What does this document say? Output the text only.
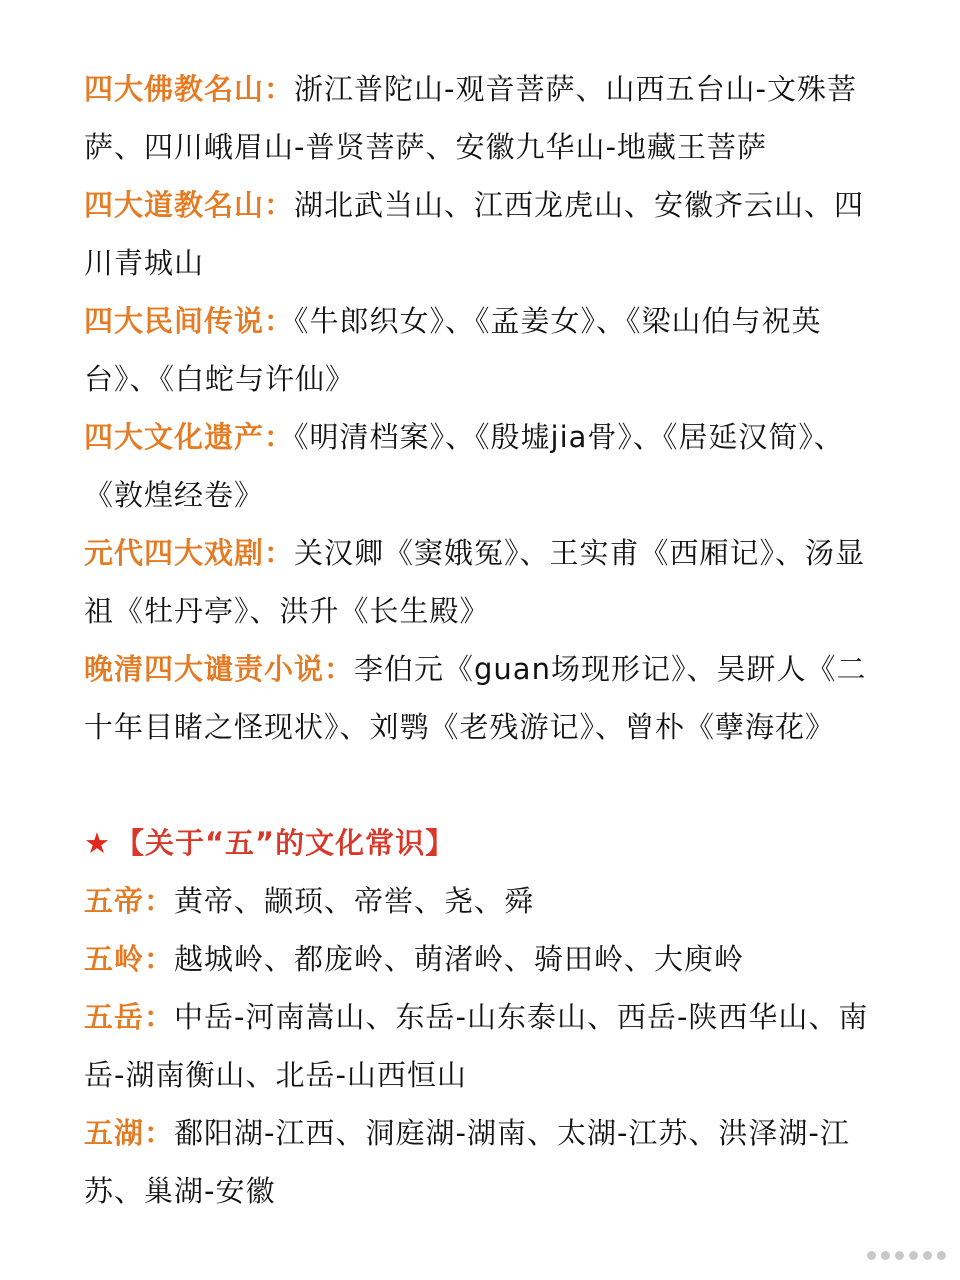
四大佛教名山：浙江普陀山-观音菩萨、山西五台山-文殊菩萨、四川峨眉山-普贤菩萨、安徽九华山-地藏王菩萨

四大道教名山：湖北武当山、江西龙虎山、安徽齐云山、四川青城山

四大民间传说：《牛郎织女》、《孟姜女》、《梁山伯与祝英台》、《白蛇与许仙》

四大文化遗产：《明清档案》、《殷墟jia骨》、《居延汉简》、《敦煌经卷》

元代四大戏剧：关汉卿《窦娥冤》、王实甫《西厢记》、汤显祖《牡丹亭》、洪升《长生殿》

晚清四大谴责小说：李伯元《guan场现形记》、吴趼人《二十年目睹之怪现状》、刘鹗《老残游记》、曾朴《孽海花》

★ 【关于“五”的文化常识】

五帝：黄帝、颛顼、帝喾、尧、舜

五岭：越城岭、都庞岭、萌渚岭、骑田岭、大庾岭

五岳：中岳-河南嵩山、东岳-山东泰山、西岳-陕西华山、南岳-湖南衡山、北岳-山西恒山

五湖：鄱阳湖-江西、洞庭湖-湖南、太湖-江苏、洪泽湖-江苏、巢湖-安徽
